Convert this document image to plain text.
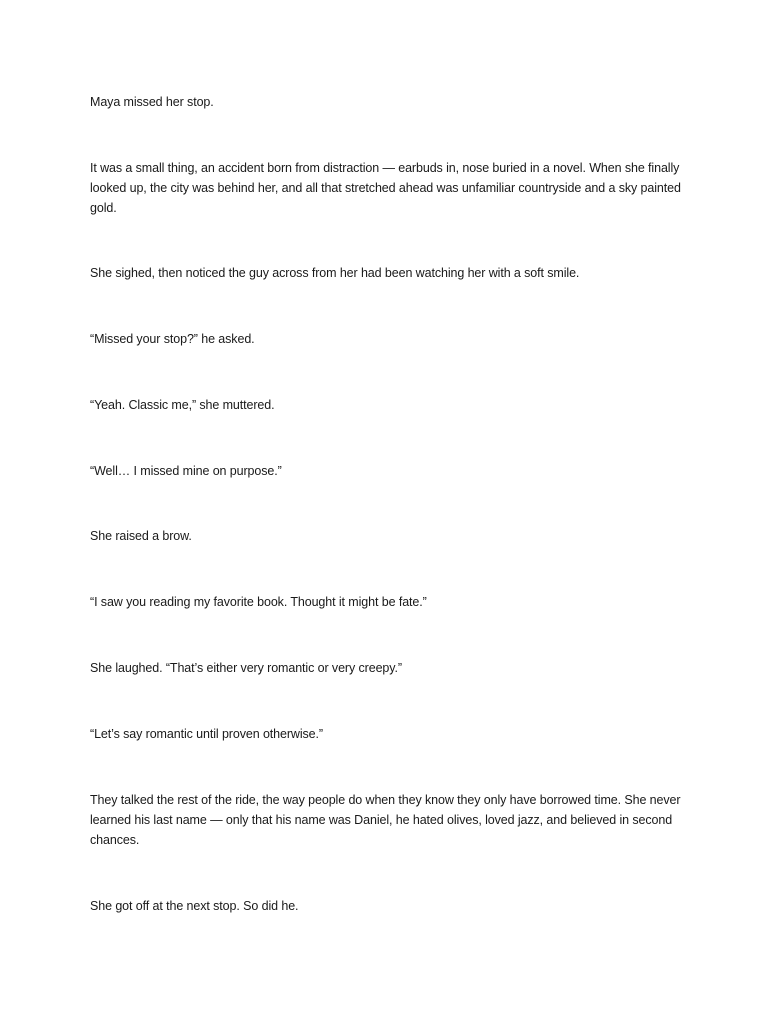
Maya missed her stop.

It was a small thing, an accident born from distraction — earbuds in, nose buried in a novel. When she finally looked up, the city was behind her, and all that stretched ahead was unfamiliar countryside and a sky painted gold.

She sighed, then noticed the guy across from her had been watching her with a soft smile.

“Missed your stop?” he asked.

“Yeah. Classic me,” she muttered.

“Well… I missed mine on purpose.”

She raised a brow.

“I saw you reading my favorite book. Thought it might be fate.”

She laughed. “That’s either very romantic or very creepy.”

“Let’s say romantic until proven otherwise.”

They talked the rest of the ride, the way people do when they know they only have borrowed time. She never learned his last name — only that his name was Daniel, he hated olives, loved jazz, and believed in second chances.

She got off at the next stop. So did he.
